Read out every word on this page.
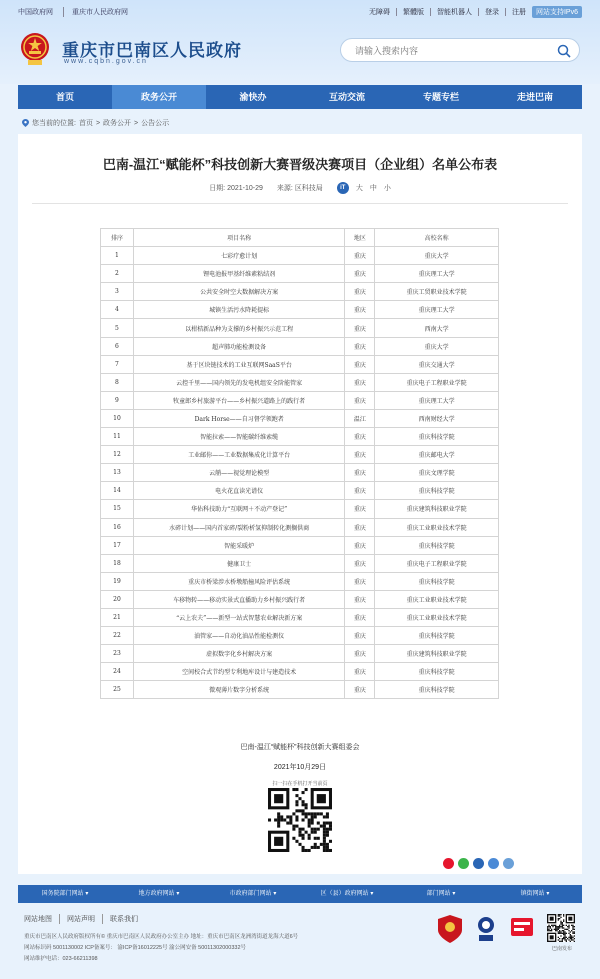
中国政府网	重庆市人民政府网	无障碍 繁體版 智能机器人 登录 注册	网站支持IPv6
重庆市巴南区人民政府
www.cqbn.gov.cn
请输入搜索内容
首页	政务公开	渝快办	互动交流	专题专栏	走进巴南
您当前的位置: 首页 > 政务公开 > 公告公示
巴南-温江“赋能杯”科技创新大赛晋级决赛项目（企业组）名单公布表
日期: 2021-10-29 来源: 区科技局	iT	大 中 小
排序	项目名称	地区	高校名称
1	七彩疗愈计划	重庆	重庆大学
2	锂电池报甲基纤维素粘结剂	重庆	重庆理工大学
3	公共安全时空大数据解决方案	重庆	重庆工贸职业技术学院
4	城镇生活污水降耗提标	重庆	重庆理工大学
5	以柑桔新品种为支撑的乡村振兴示范工程	重庆	西南大学
6	超声肺功能检测设备	重庆	重庆大学
7	基于区块链技术的工业互联网SaaS平台	重庆	重庆交通大学
8	云控千里——国内领先的发电机组安全阶能管家	重庆	重庆电子工程职业学院
9	牧童郎乡村旅游平台——乡村振兴道路上的践行者	重庆	重庆理工大学
10	Dark Horse——自习督学领跑者	温江	西南财经大学
11	智能拉索——智能碳纤维索缆	重庆	重庆科技学院
12	工业邮你——工业数据集成化计算平台	重庆	重庆邮电大学
13	云艄——视觉理论模型	重庆	重庆文理学院
14	电火花直读光谱仪	重庆	重庆科技学院
15	华佑科技助力“互联网＋不动产登记”	重庆	重庆建筑科技职业学院
16	水碎计划——国内首家碎/裂粉析氢抑制转化测搁供商	重庆	重庆工业职业技术学院
17	智能采暖炉	重庆	重庆科技学院
18	健康卫士	重庆	重庆电子工程职业学院
19	重庆市桥梁涉水桥墩船撞风险评估系统	重庆	重庆科技学院
20	车移物转——移动实景式直播助力乡村振兴践行者	重庆	重庆工业职业技术学院
21	“云上农夫”——新型一站式智慧农业解决新方案	重庆	重庆工业职业技术学院
22	油管家——自动化油品性能检测仪	重庆	重庆科技学院
23	虚拟数字化乡村解决方案	重庆	重庆建筑科技职业学院
24	空间校合式节约型专利地库设计与建造技术	重庆	重庆科技学院
25	微观薄片数字分析系统	重庆	重庆科技学院
巴南-温江“赋能杯”科技创新大赛组委会
2021年10月29日
扫一扫在手机打开当前页
国务院部门网站 ▾	地方政府网站 ▾	市政府部门网站 ▾	区（县）政府网站 ▾	部门网站 ▾	镇街网站 ▾
网站地图	网站声明	联系我们
重庆市巴南区人民政府版权所有© 重庆市巴南区人民政府办公室主办 地址：重庆市巴南区龙洲湾街道龙海大道6号
网站标识码 5001130002 ICP备案号： 渝ICP备16012225号 渝公网安备 50011302000332号
网站维护电话：023-66211398
巴南发布
